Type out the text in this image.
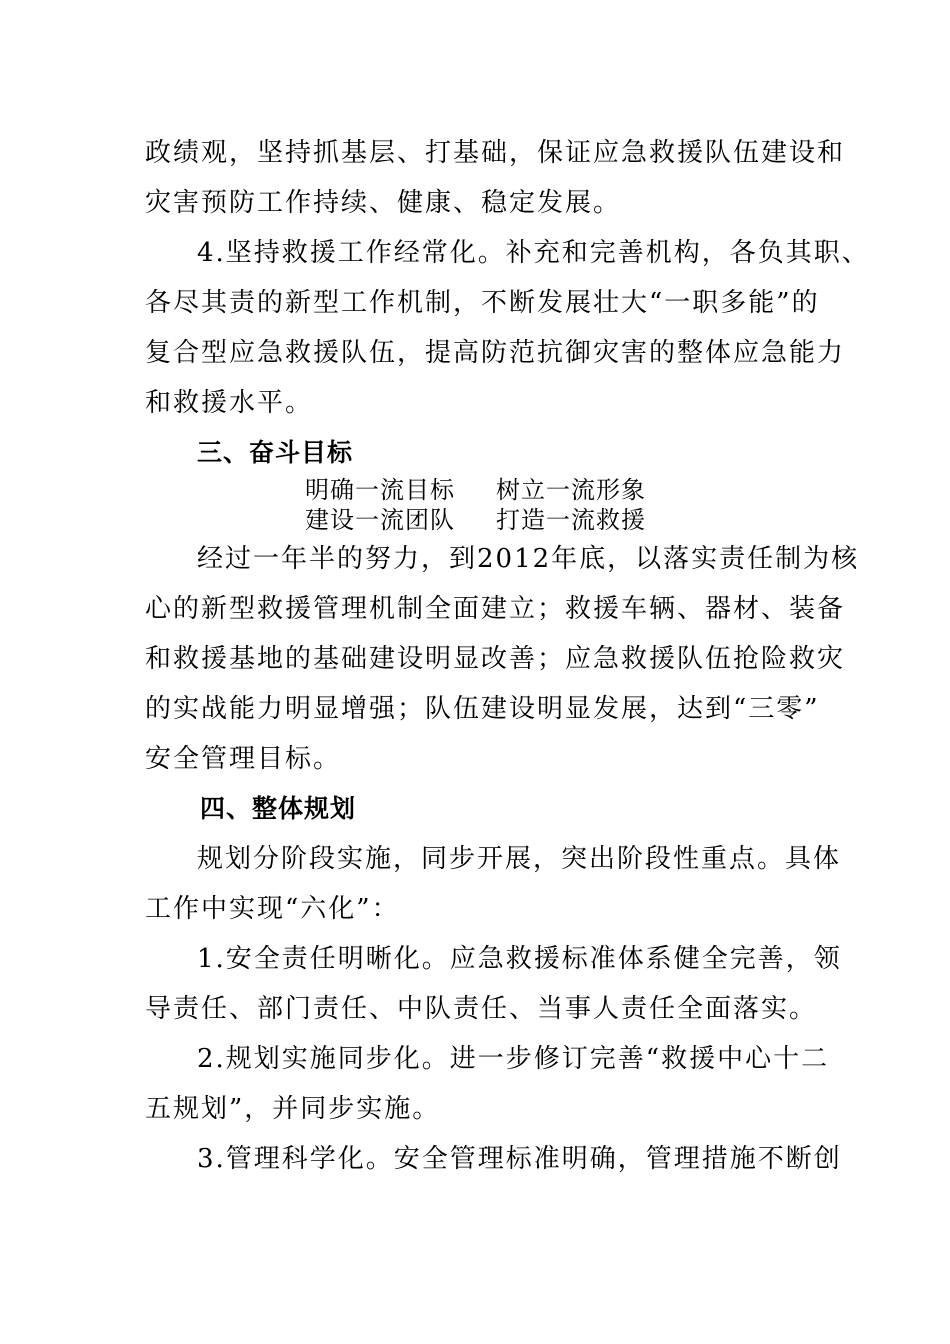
政绩观，坚持抓基层、打基础，保证应急救援队伍建设和
灾害预防工作持续、健康、稳定发展。
4.坚持救援工作经常化。补充和完善机构，各负其职、
各尽其责的新型工作机制，不断发展壮大“一职多能”的
复合型应急救援队伍，提高防范抗御灾害的整体应急能力
和救援水平。
三、奋斗目标
明确一流目标 树立一流形象
建设一流团队 打造一流救援
经过一年半的努力，到2012年底，以落实责任制为核
心的新型救援管理机制全面建立；救援车辆、器材、装备
和救援基地的基础建设明显改善；应急救援队伍抢险救灾
的实战能力明显增强；队伍建设明显发展，达到“三零”
安全管理目标。
四、整体规划
规划分阶段实施，同步开展，突出阶段性重点。具体
工作中实现“六化”：
1.安全责任明晰化。应急救援标准体系健全完善，领
导责任、部门责任、中队责任、当事人责任全面落实。
2.规划实施同步化。进一步修订完善“救援中心十二
五规划”，并同步实施。
3.管理科学化。安全管理标准明确，管理措施不断创
